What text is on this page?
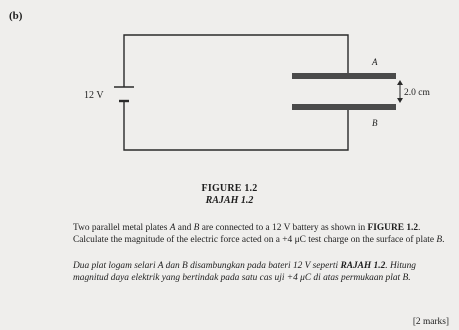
(b)
12 V
A
B
2.0 cm
FIGURE 1.2
RAJAH 1.2
Two parallel metal plates A and B are connected to a 12 V battery as shown in FIGURE 1.2. Calculate the magnitude of the electric force acted on a +4 μC test charge on the surface of plate B.
Dua plat logam selari A dan B disambungkan pada bateri 12 V seperti RAJAH 1.2. Hitung magnitud daya elektrik yang bertindak pada satu cas uji +4 μC di atas permukaan plat B.
[2 marks]
